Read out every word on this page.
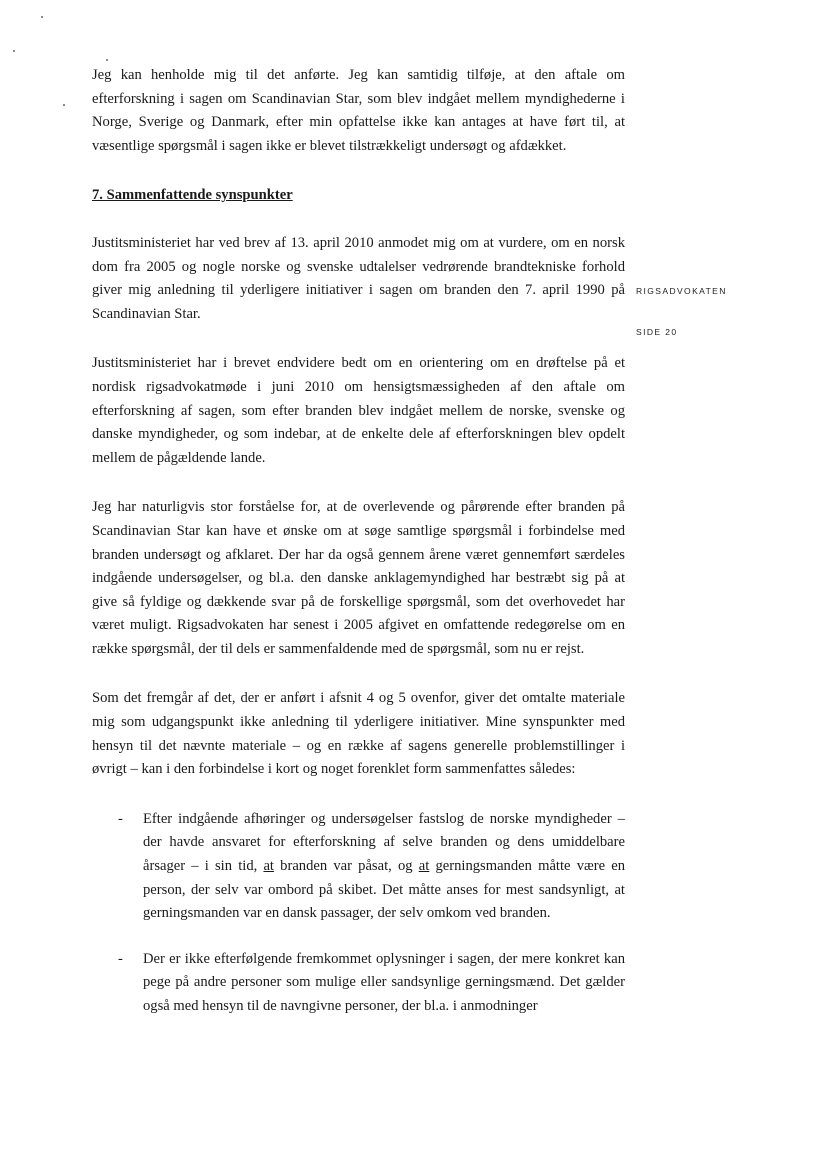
Jeg kan henholde mig til det anførte. Jeg kan samtidig tilføje, at den aftale om efterforskning i sagen om Scandinavian Star, som blev indgået mellem myndighederne i Norge, Sverige og Danmark, efter min opfattelse ikke kan antages at have ført til, at væsentlige spørgsmål i sagen ikke er blevet tilstrækkeligt undersøgt og afdækket.

7. Sammenfattende synspunkter

Justitsministeriet har ved brev af 13. april 2010 anmodet mig om at vurdere, om en norsk dom fra 2005 og nogle norske og svenske udtalelser vedrørende brandtekniske forhold giver mig anledning til yderligere initiativer i sagen om branden den 7. april 1990 på Scandinavian Star.

Justitsministeriet har i brevet endvidere bedt om en orientering om en drøftelse på et nordisk rigsadvokatmøde i juni 2010 om hensigtsmæssigheden af den aftale om efterforskning af sagen, som efter branden blev indgået mellem de norske, svenske og danske myndigheder, og som indebar, at de enkelte dele af efterforskningen blev opdelt mellem de pågældende lande.

Jeg har naturligvis stor forståelse for, at de overlevende og pårørende efter branden på Scandinavian Star kan have et ønske om at søge samtlige spørgsmål i forbindelse med branden undersøgt og afklaret. Der har da også gennem årene været gennemført særdeles indgående undersøgelser, og bl.a. den danske anklagemyndighed har bestræbt sig på at give så fyldige og dækkende svar på de forskellige spørgsmål, som det overhovedet har været muligt. Rigsadvokaten har senest i 2005 afgivet en omfattende redegørelse om en række spørgsmål, der til dels er sammenfaldende med de spørgsmål, som nu er rejst.

Som det fremgår af det, der er anført i afsnit 4 og 5 ovenfor, giver det omtalte materiale mig som udgangspunkt ikke anledning til yderligere initiativer. Mine synspunkter med hensyn til det nævnte materiale – og en række af sagens generelle problemstillinger i øvrigt – kan i den forbindelse i kort og noget forenklet form sammenfattes således:

- Efter indgående afhøringer og undersøgelser fastslog de norske myndigheder – der havde ansvaret for efterforskning af selve branden og dens umiddelbare årsager – i sin tid, at branden var påsat, og at gerningsmanden måtte være en person, der selv var ombord på skibet. Det måtte anses for mest sandsynligt, at gerningsmanden var en dansk passager, der selv omkom ved branden.
- Der er ikke efterfølgende fremkommet oplysninger i sagen, der mere konkret kan pege på andre personer som mulige eller sandsynlige gerningsmænd. Det gælder også med hensyn til de navngivne personer, der bl.a. i anmodninger
RIGSADVOKATEN
SIDE 20
